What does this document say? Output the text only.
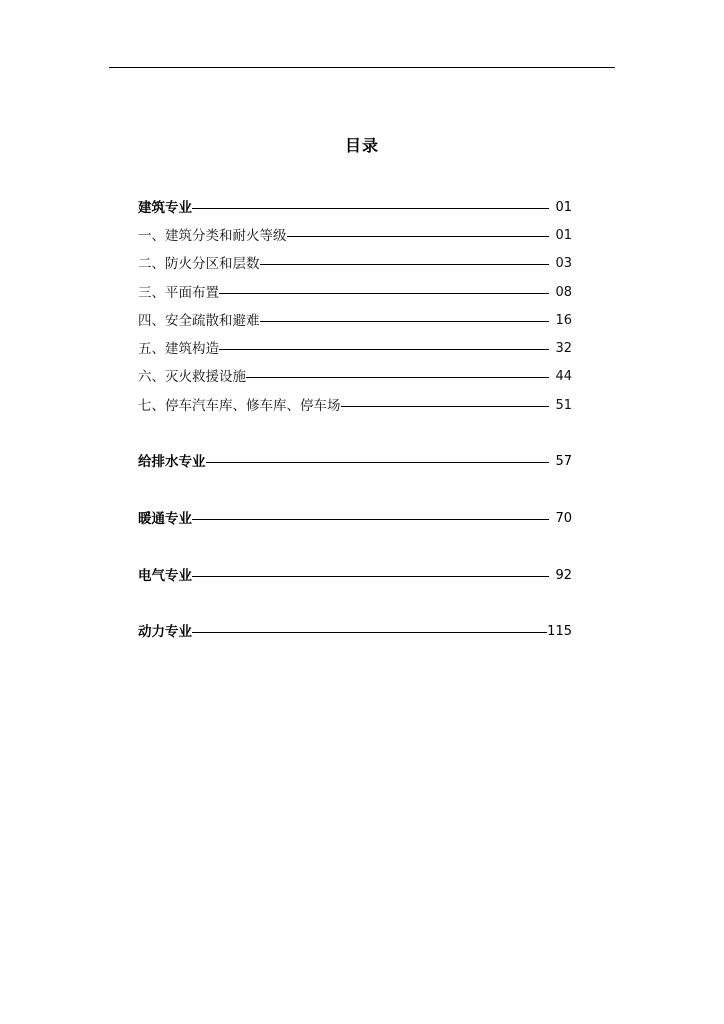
目录
建筑专业	01
一、建筑分类和耐火等级	01
二、防火分区和层数	03
三、平面布置	08
四、安全疏散和避难	16
五、建筑构造	32
六、灭火救援设施	44
七、停车汽车库、修车库、停车场	51
给排水专业	57
暖通专业	70
电气专业	92
动力专业	115
